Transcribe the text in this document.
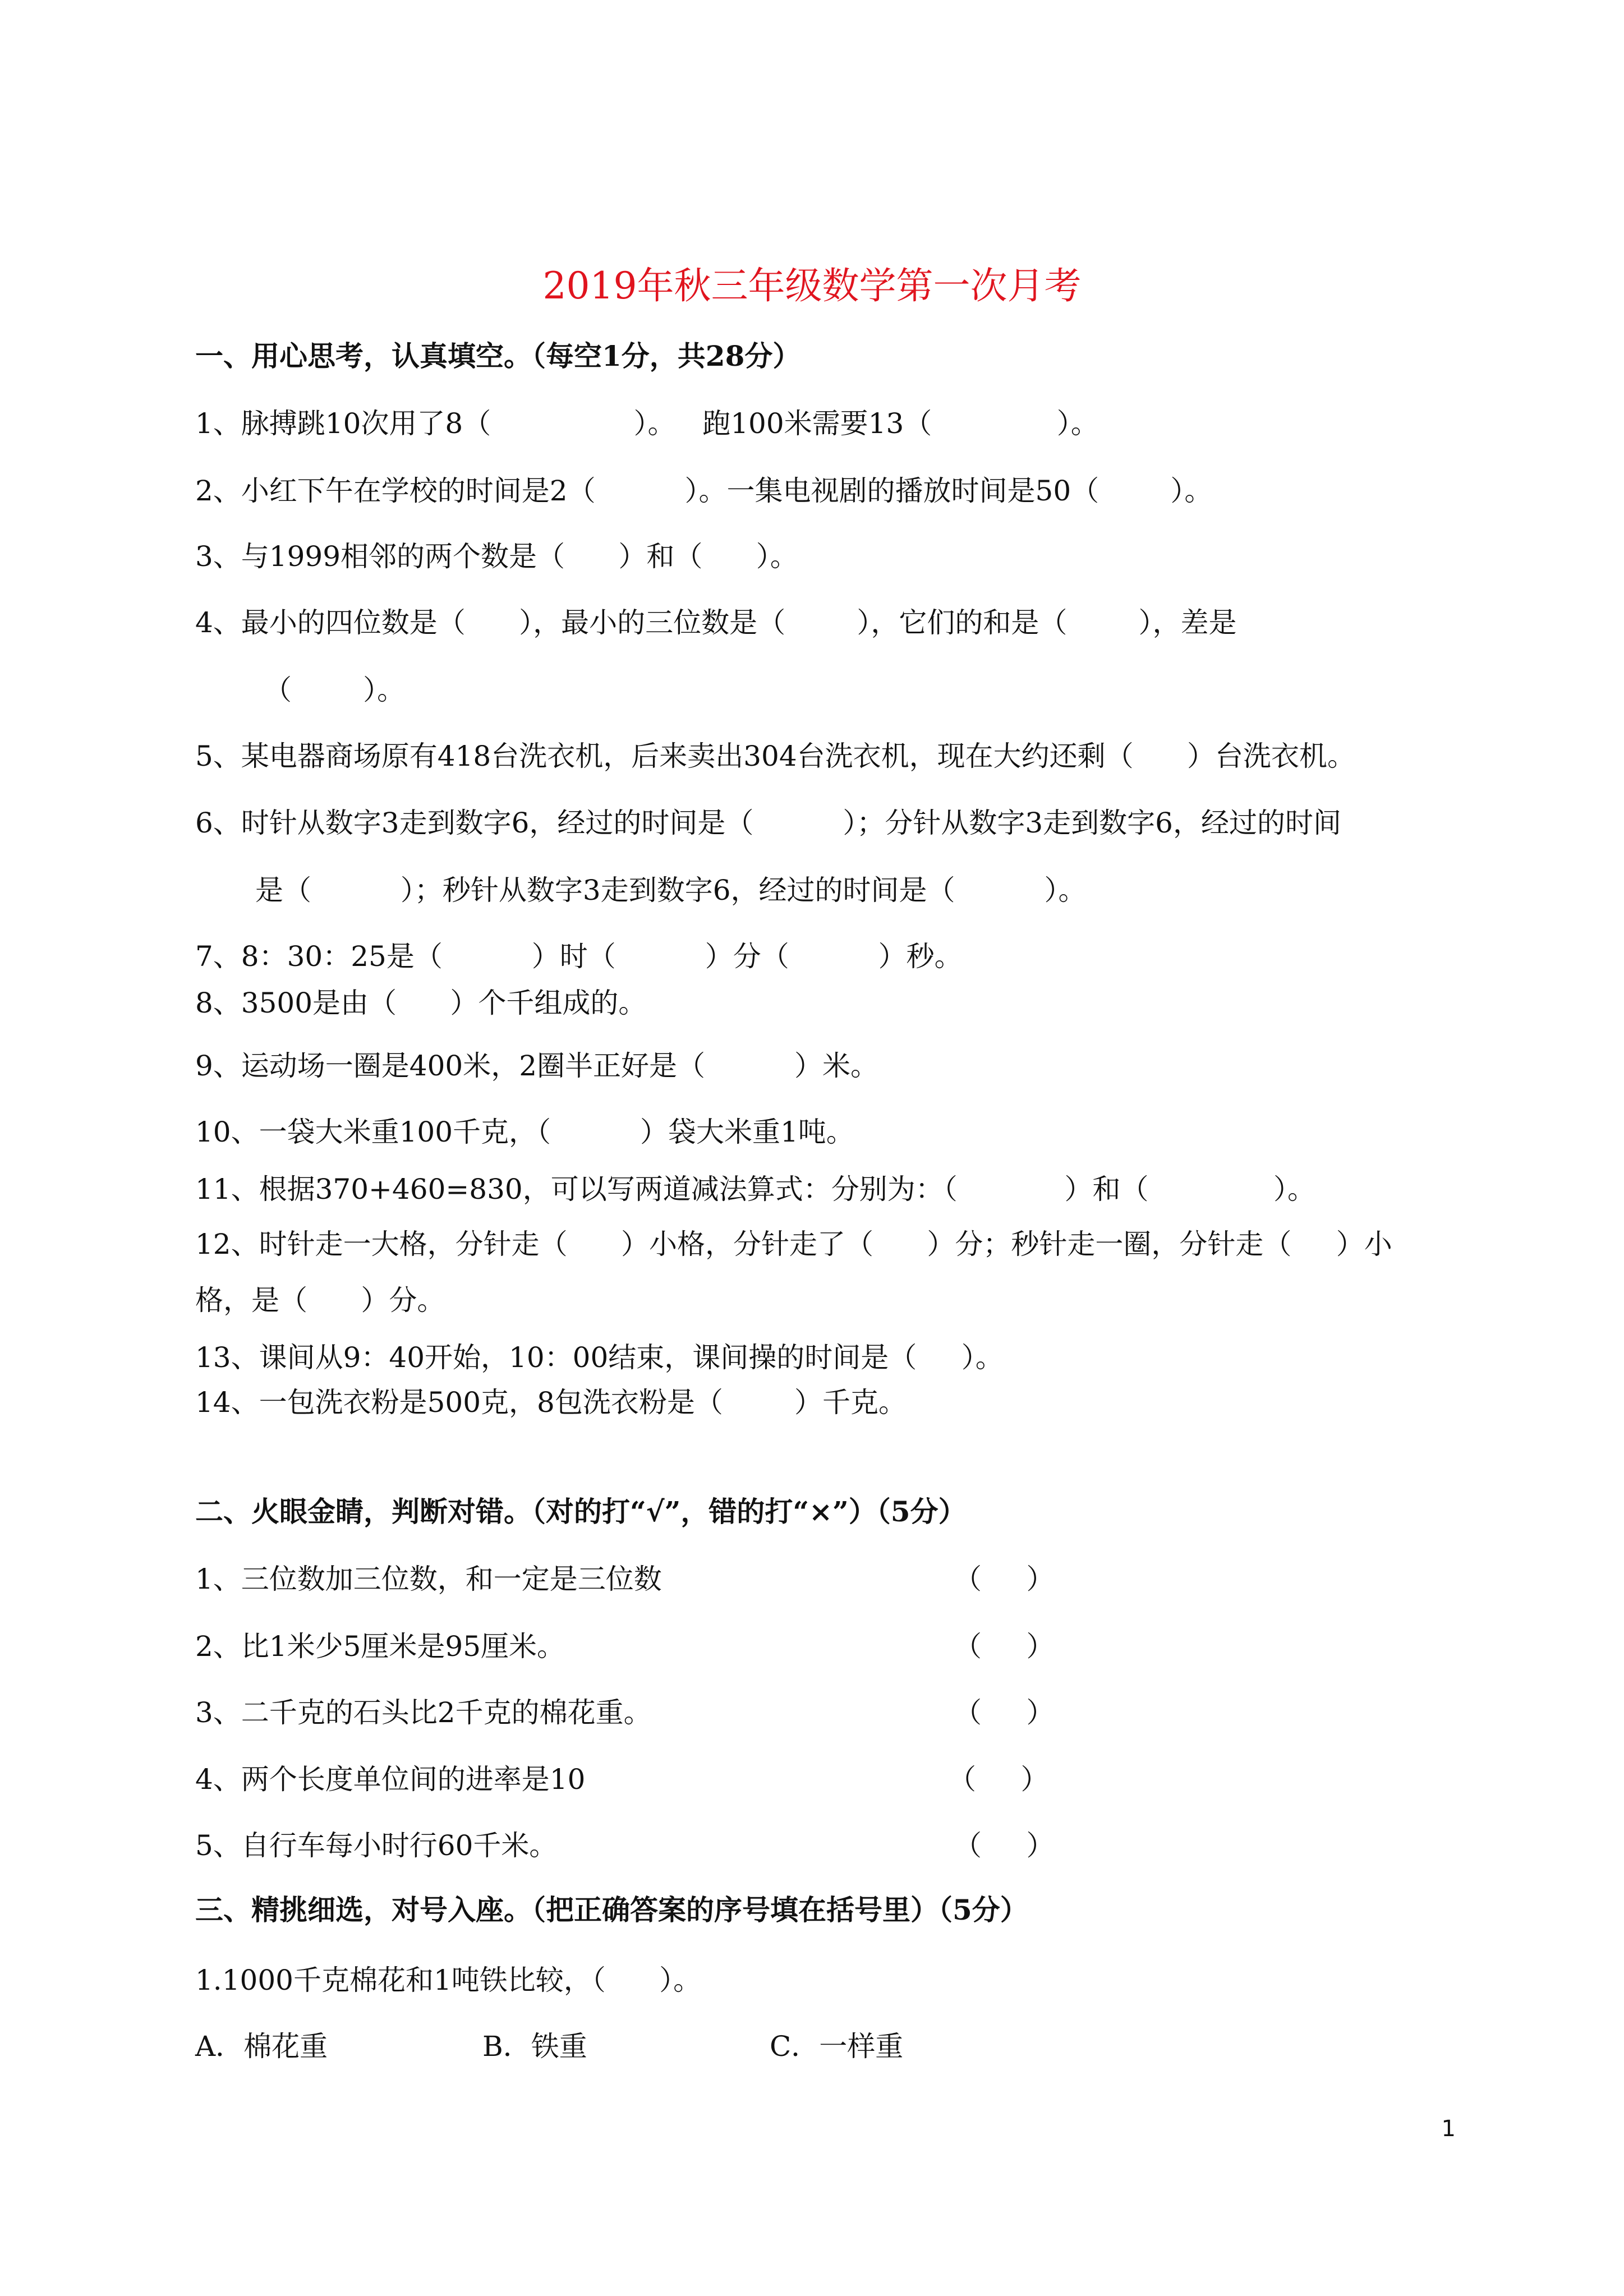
2019年秋三年级数学第一次月考
一、用心思考，认真填空。（每空1分，共28分）
1、脉搏跳10次用了8（                ）。   跑100米需要13（              ）。
2、小红下午在学校的时间是2（          ）。一集电视剧的播放时间是50（        ）。
3、与1999相邻的两个数是（      ）和（      ）。
4、最小的四位数是（      ），最小的三位数是（        ），它们的和是（        ），差是
（        ）。
5、某电器商场原有418台洗衣机，后来卖出304台洗衣机，现在大约还剩（      ）台洗衣机。
6、时针从数字3走到数字6，经过的时间是（          ）；分针从数字3走到数字6，经过的时间
是（          ）；秒针从数字3走到数字6，经过的时间是（          ）。
7、8：30：25是（          ）时（          ）分（          ）秒。
8、3500是由（      ）个千组成的。
9、运动场一圈是400米，2圈半正好是（          ）米。
10、一袋大米重100千克，（          ）袋大米重1吨。
11、根据370+460=830，可以写两道减法算式：分别为：（            ）和（              ）。
12、时针走一大格，分针走（      ）小格，分针走了（      ）分；秒针走一圈，分针走（     ）小
格，是（      ）分。
13、课间从9：40开始，10：00结束，课间操的时间是（     ）。
14、一包洗衣粉是500克，8包洗衣粉是（        ）千克。
二、火眼金睛，判断对错。（对的打“√”，错的打“×”）（5分）
1、三位数加三位数，和一定是三位数	（     ）
2、比1米少5厘米是95厘米。	（     ）
3、二千克的石头比2千克的棉花重。	（     ）
4、两个长度单位间的进率是10	（     ）
5、自行车每小时行60千米。	（     ）
三、精挑细选，对号入座。（把正确答案的序号填在括号里）（5分）
1.1000千克棉花和1吨铁比较，（      ）。
A．棉花重	B．铁重	C．一样重
1
